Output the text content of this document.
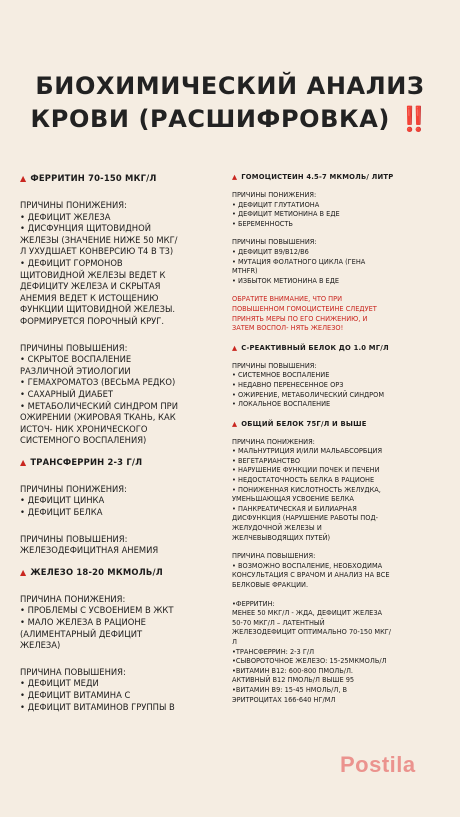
БИОХИМИЧЕСКИЙ АНАЛИЗ
КРОВИ (РАСШИФРОВКА) ‼️
▲ ФЕРРИТИН 70-150 МКГ/Л
ПРИЧИНЫ ПОНИЖЕНИЯ:
• ДЕФИЦИТ ЖЕЛЕЗА
• ДИСФУНЦИЯ ЩИТОВИДНОЙ
ЖЕЛЕЗЫ (ЗНАЧЕНИЕ НИЖЕ 50 МКГ/
Л УХУДШАЕТ КОНВЕРСИЮ Т4 В Т3)
• ДЕФИЦИТ ГОРМОНОВ
ЩИТОВИДНОЙ ЖЕЛЕЗЫ ВЕДЕТ К
ДЕФИЦИТУ ЖЕЛЕЗА И СКРЫТАЯ
АНЕМИЯ ВЕДЕТ К ИСТОЩЕНИЮ
ФУНКЦИИ ЩИТОВИДНОЙ ЖЕЛЕЗЫ.
ФОРМИРУЕТСЯ ПОРОЧНЫЙ КРУГ.
ПРИЧИНЫ ПОВЫШЕНИЯ:
• СКРЫТОЕ ВОСПАЛЕНИЕ
РАЗЛИЧНОЙ ЭТИОЛОГИИ
• ГЕМАХРОМАТОЗ (ВЕСЬМА РЕДКО)
• САХАРНЫЙ ДИАБЕТ
• МЕТАБОЛИЧЕСКИЙ СИНДРОМ ПРИ
ОЖИРЕНИИ (ЖИРОВАЯ ТКАНЬ, КАК
ИСТОЧ- НИК ХРОНИЧЕСКОГО
СИСТЕМНОГО ВОСПАЛЕНИЯ)
▲ ТРАНСФЕРРИН 2-3 Г/Л
ПРИЧИНЫ ПОНИЖЕНИЯ:
• ДЕФИЦИТ ЦИНКА
• ДЕФИЦИТ БЕЛКА
ПРИЧИНЫ ПОВЫШЕНИЯ:
ЖЕЛЕЗОДЕФИЦИТНАЯ АНЕМИЯ
▲ ЖЕЛЕЗО 18-20 МКМОЛЬ/Л
ПРИЧИНА ПОНИЖЕНИЯ:
• ПРОБЛЕМЫ С УСВОЕНИЕМ В ЖКТ
• МАЛО ЖЕЛЕЗА В РАЦИОНЕ
(АЛИМЕНТАРНЫЙ ДЕФИЦИТ
ЖЕЛЕЗА)
ПРИЧИНА ПОВЫШЕНИЯ:
• ДЕФИЦИТ МЕДИ
• ДЕФИЦИТ ВИТАМИНА С
• ДЕФИЦИТ ВИТАМИНОВ ГРУППЫ В
▲ ГОМОЦИСТЕИН 4.5-7 МКМОЛЬ/ ЛИТР
ПРИЧИНЫ ПОНИЖЕНИЯ:
• ДЕФИЦИТ ГЛУТАТИОНА
• ДЕФИЦИТ МЕТИОНИНА В ЕДЕ
• БЕРЕМЕННОСТЬ
ПРИЧИНЫ ПОВЫШЕНИЯ:
• ДЕФИЦИТ В9/В12/В6
• МУТАЦИЯ ФОЛАТНОГО ЦИКЛА (ГЕНА
MTHFR)
• ИЗБЫТОК МЕТИОНИНА В ЕДЕ
ОБРАТИТЕ ВНИМАНИЕ, ЧТО ПРИ
ПОВЫШЕННОМ ГОМОЦИСТЕИНЕ СЛЕДУЕТ
ПРИНЯТЬ МЕРЫ ПО ЕГО СНИЖЕНИЮ, И
ЗАТЕМ ВОСПОЛ- НЯТЬ ЖЕЛЕЗО!
▲ С-РЕАКТИВНЫЙ БЕЛОК ДО 1.0 МГ/Л
ПРИЧИНЫ ПОВЫШЕНИЯ:
• СИСТЕМНОЕ ВОСПАЛЕНИЕ
• НЕДАВНО ПЕРЕНЕСЕННОЕ ОРЗ
• ОЖИРЕНИЕ, МЕТАБОЛИЧЕСКИЙ СИНДРОМ
• ЛОКАЛЬНОЕ ВОСПАЛЕНИЕ
▲ ОБЩИЙ БЕЛОК 75Г/Л И ВЫШЕ
ПРИЧИНА ПОНИЖЕНИЯ:
• МАЛЬНУТРИЦИЯ И/ИЛИ МАЛЬАБСОРБЦИЯ
• ВЕГЕТАРИАНСТВО
• НАРУШЕНИЕ ФУНКЦИИ ПОЧЕК И ПЕЧЕНИ
• НЕДОСТАТОЧНОСТЬ БЕЛКА В РАЦИОНЕ
• ПОНИЖЕННАЯ КИСЛОТНОСТЬ ЖЕЛУДКА,
УМЕНЬШАЮЩАЯ УСВОЕНИЕ БЕЛКА
• ПАНКРЕАТИЧЕСКАЯ И БИЛИАРНАЯ
ДИСФУНКЦИЯ (НАРУШЕНИЕ РАБОТЫ ПОД-
ЖЕЛУДОЧНОЙ ЖЕЛЕЗЫ И
ЖЕЛЧЕВЫВОДЯЩИХ ПУТЕЙ)
ПРИЧИНА ПОВЫШЕНИЯ:
• ВОЗМОЖНО ВОСПАЛЕНИЕ, НЕОБХОДИМА
КОНСУЛЬТАЦИЯ С ВРАЧОМ И АНАЛИЗ НА ВСЕ
БЕЛКОВЫЕ ФРАКЦИИ.
•ФЕРРИТИН:
МЕНЕЕ 50 МКГ/Л - ЖДА, ДЕФИЦИТ ЖЕЛЕЗА
50-70 МКГ/Л – ЛАТЕНТНЫЙ
ЖЕЛЕЗОДЕФИЦИТ ОПТИМАЛЬНО 70-150 МКГ/
Л
•ТРАНСФЕРРИН: 2-3 Г/Л
•СЫВОРОТОЧНОЕ ЖЕЛЕЗО: 15-25МКМОЛЬ/Л
•ВИТАМИН В12: 600-800 ПМОЛЬ/Л.
АКТИВНЫЙ В12 ПМОЛЬ/Л ВЫШЕ 95
•ВИТАМИН В9: 15-45 НМОЛЬ/Л, В
ЭРИТРОЦИТАХ 166-640 НГ/МЛ
Postila
